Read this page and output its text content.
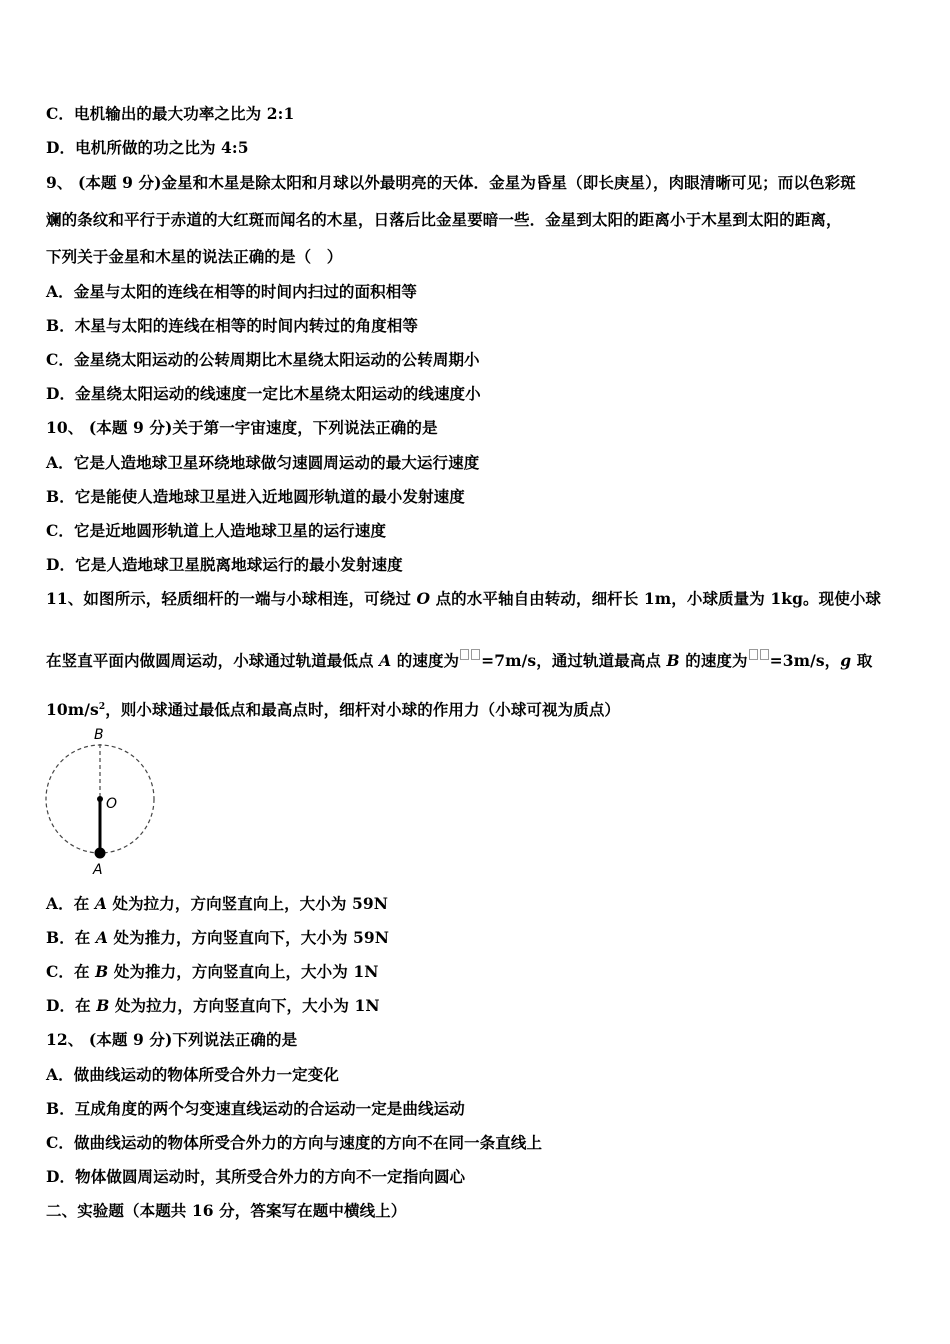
C．电机输出的最大功率之比为 2:1
D．电机所做的功之比为 4:5
9、 (本题 9 分)金星和木星是除太阳和月球以外最明亮的天体．金星为昏星（即长庚星），肉眼清晰可见；而以色彩斑
斓的条纹和平行于赤道的大红斑而闻名的木星，日落后比金星要暗一些．金星到太阳的距离小于木星到太阳的距离，
下列关于金星和木星的说法正确的是（　）
A．金星与太阳的连线在相等的时间内扫过的面积相等
B．木星与太阳的连线在相等的时间内转过的角度相等
C．金星绕太阳运动的公转周期比木星绕太阳运动的公转周期小
D．金星绕太阳运动的线速度一定比木星绕太阳运动的线速度小
10、 (本题 9 分)关于第一宇宙速度，下列说法正确的是
A．它是人造地球卫星环绕地球做匀速圆周运动的最大运行速度
B．它是能使人造地球卫星进入近地圆形轨道的最小发射速度
C．它是近地圆形轨道上人造地球卫星的运行速度
D．它是人造地球卫星脱离地球运行的最小发射速度
11、如图所示，轻质细杆的一端与小球相连，可绕过 O 点的水平轴自由转动，细杆长 1m，小球质量为 1kg。现使小球
在竖直平面内做圆周运动，小球通过轨道最低点 A 的速度为 =7m/s，通过轨道最高点 B 的速度为 =3m/s，g 取
$10m/s^2$，则小球通过最低点和最高点时，细杆对小球的作用力（小球可视为质点）
B
O
A
A．在 A 处为拉力，方向竖直向上，大小为 59N
B．在 A 处为推力，方向竖直向下，大小为 59N
C．在 B 处为推力，方向竖直向上，大小为 1N
D．在 B 处为拉力，方向竖直向下，大小为 1N
12、 (本题 9 分)下列说法正确的是
A．做曲线运动的物体所受合外力一定变化
B．互成角度的两个匀变速直线运动的合运动一定是曲线运动
C．做曲线运动的物体所受合外力的方向与速度的方向不在同一条直线上
D．物体做圆周运动时，其所受合外力的方向不一定指向圆心
二、实验题（本题共 16 分，答案写在题中横线上）
